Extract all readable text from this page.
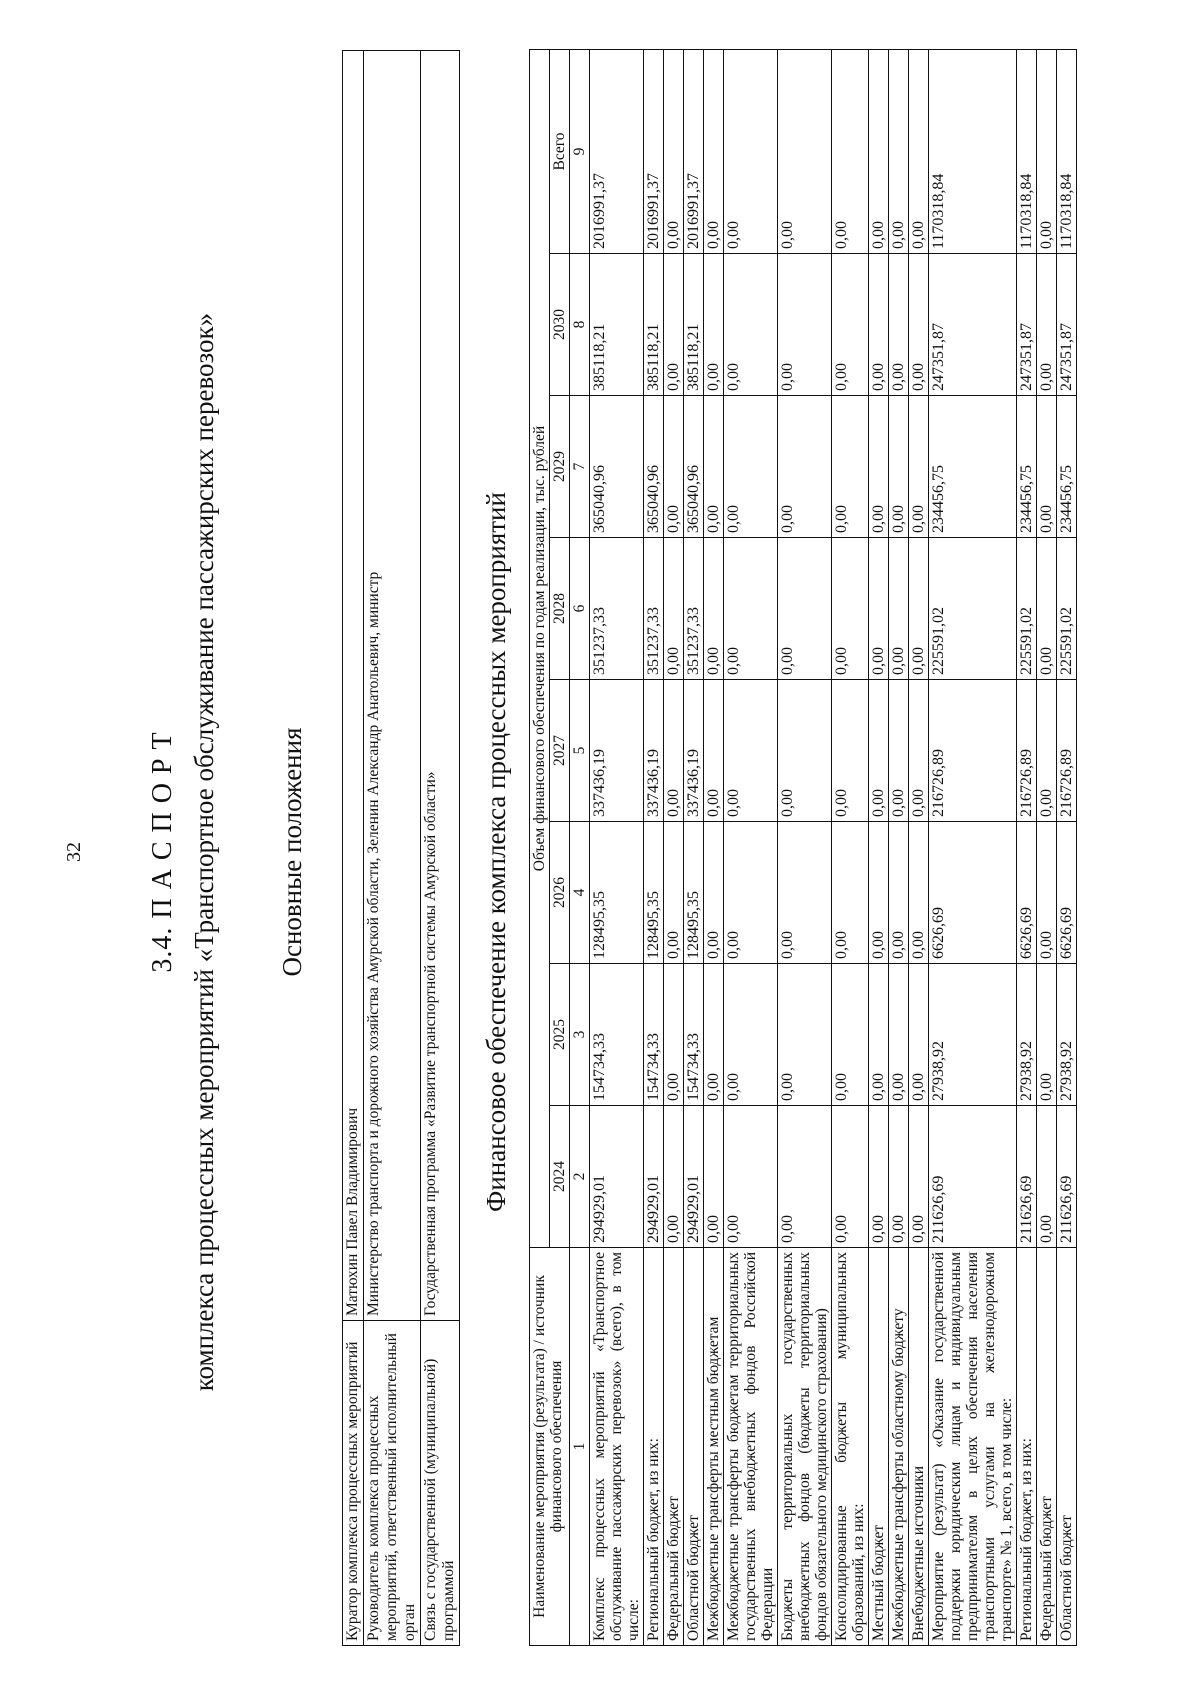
32 3.4. П А С П О Р Т комплекса процессных мероприятий «Транспортное обслуживание пассажирских перевозок» Основные положения
Куратор комплекса процессных мероприятий	Матюхин Павел Владимирович
Руководитель комплекса процессных мероприятий, ответственный исполнительный орган	Министерство транспорта и дорожного хозяйства Амурской области, Зеленин Александр Анатольевич, министр
Связь с государственной (муниципальной) программой	Государственная программа «Развитие транспортной системы Амурской области» Финансовое обеспечение комплекса процессных мероприятий
Наименование мероприятия (результата) / источник финансового обеспечения	Объем финансового обеспечения по годам реализации, тыс. рублей							
	2024	2025	2026	2027	2028	2029	2030	Всего
1	2	3	4	5	6	7	8	9
Комплекс процессных мероприятий «Транспортное обслуживание пассажирских перевозок» (всего), в том числе:	294929,01	154734,33	128495,35	337436,19	351237,33	365040,96	385118,21	2016991,37
Региональный бюджет, из них:	294929,01	154734,33	128495,35	337436,19	351237,33	365040,96	385118,21	2016991,37
Федеральный бюджет	0,00	0,00	0,00	0,00	0,00	0,00	0,00	0,00
Областной бюджет	294929,01	154734,33	128495,35	337436,19	351237,33	365040,96	385118,21	2016991,37
Межбюджетные трансферты местным бюджетам	0,00	0,00	0,00	0,00	0,00	0,00	0,00	0,00
Межбюджетные трансферты бюджетам территориальных государственных внебюджетных фондов Российской Федерации	0,00	0,00	0,00	0,00	0,00	0,00	0,00	0,00
Бюджеты территориальных государственных внебюджетных фондов (бюджеты территориальных фондов обязательного медицинского страхования)	0,00	0,00	0,00	0,00	0,00	0,00	0,00	0,00
Консолидированные бюджеты муниципальных образований, из них:	0,00	0,00	0,00	0,00	0,00	0,00	0,00	0,00
Местный бюджет	0,00	0,00	0,00	0,00	0,00	0,00	0,00	0,00
Межбюджетные трансферты областному бюджету	0,00	0,00	0,00	0,00	0,00	0,00	0,00	0,00
Внебюджетные источники	0,00	0,00	0,00	0,00	0,00	0,00	0,00	0,00
Мероприятие (результат) «Оказание государственной поддержки юридическим лицам и индивидуальным предпринимателям в целях обеспечения населения транспортными услугами на железнодорожном транспорте» № 1, всего, в том числе:	211626,69	27938,92	6626,69	216726,89	225591,02	234456,75	247351,87	1170318,84
Региональный бюджет, из них:	211626,69	27938,92	6626,69	216726,89	225591,02	234456,75	247351,87	1170318,84
Федеральный бюджет	0,00	0,00	0,00	0,00	0,00	0,00	0,00	0,00
Областной бюджет	211626,69	27938,92	6626,69	216726,89	225591,02	234456,75	247351,87	1170318,84
